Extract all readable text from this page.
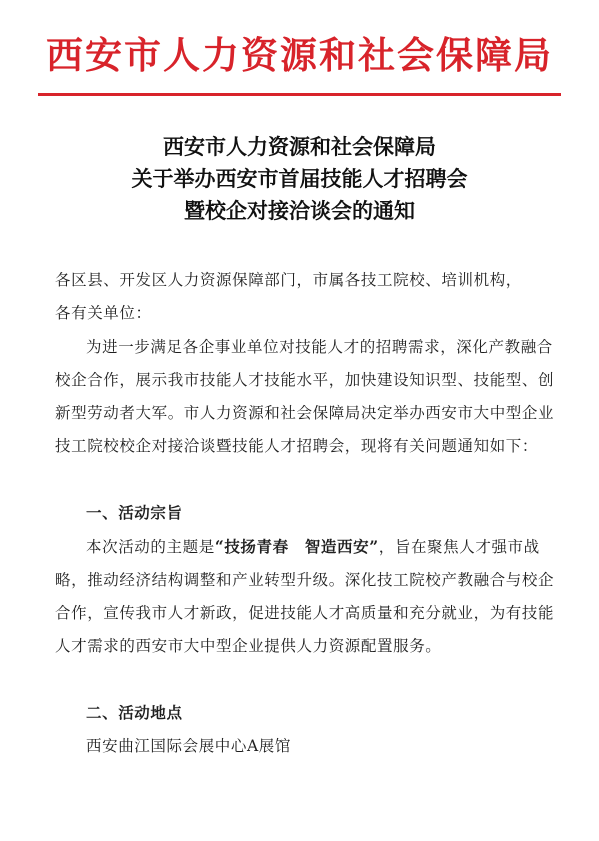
西安市人力资源和社会保障局
西安市人力资源和社会保障局
关于举办西安市首届技能人才招聘会
暨校企对接洽谈会的通知

各区县、开发区人力资源保障部门，市属各技工院校、培训机构，

各有关单位：

为进一步满足各企事业单位对技能人才的招聘需求，深化产教融合校企合作，展示我市技能人才技能水平，加快建设知识型、技能型、创新型劳动者大军。市人力资源和社会保障局决定举办西安市大中型企业技工院校校企对接洽谈暨技能人才招聘会，现将有关问题通知如下：

一、活动宗旨

本次活动的主题是“技扬青春　智造西安”，旨在聚焦人才强市战略，推动经济结构调整和产业转型升级。深化技工院校产教融合与校企合作，宣传我市人才新政，促进技能人才高质量和充分就业，为有技能人才需求的西安市大中型企业提供人力资源配置服务。

二、活动地点

西安曲江国际会展中心A展馆
